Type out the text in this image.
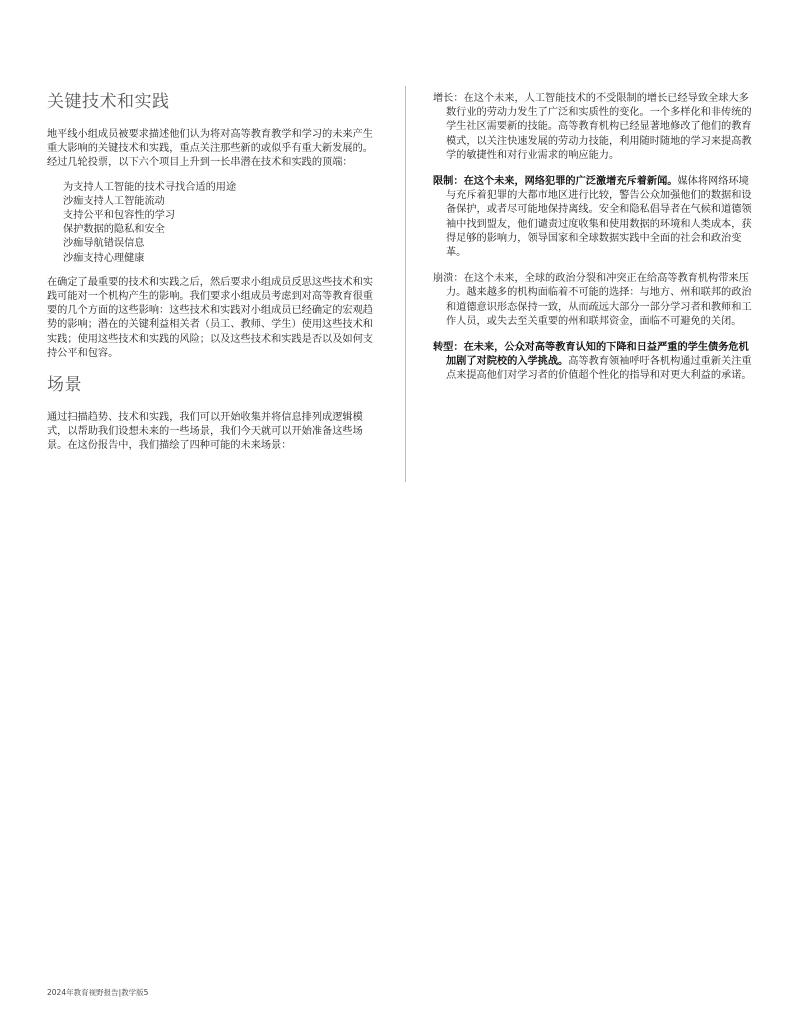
关键技术和实践

地平线小组成员被要求描述他们认为将对高等教育教学和学习的未来产生重大影响的关键技术和实践，重点关注那些新的或似乎有重大新发展的。经过几轮投票，以下六个项目上升到一长串潜在技术和实践的顶端：

为支持人工智能的技术寻找合适的用途
沙痂支持人工智能流动
支持公平和包容性的学习
保护数据的隐私和安全
沙痂导航错误信息
沙痂支持心理健康

在确定了最重要的技术和实践之后，然后要求小组成员反思这些技术和实践可能对一个机构产生的影响。我们要求小组成员考虑到对高等教育很重要的几个方面的这些影响：这些技术和实践对小组成员已经确定的宏观趋势的影响；潜在的关键利益相关者（员工、教师、学生）使用这些技术和实践；使用这些技术和实践的风险；以及这些技术和实践是否以及如何支持公平和包容。

场景

通过扫描趋势、技术和实践，我们可以开始收集并将信息排列成逻辑模式，以帮助我们设想未来的一些场景，我们今天就可以开始准备这些场景。在这份报告中，我们描绘了四种可能的未来场景：

增长：在这个未来，人工智能技术的不受限制的增长已经导致全球大多数行业的劳动力发生了广泛和实质性的变化。一个多样化和非传统的学生社区需要新的技能。高等教育机构已经显著地修改了他们的教育模式，以关注快速发展的劳动力技能，利用随时随地的学习来提高教学的敏捷性和对行业需求的响应能力。

限制：在这个未来，网络犯罪的广泛激增充斥着新闻。媒体将网络环境与充斥着犯罪的大都市地区进行比较，警告公众加强他们的数据和设备保护，或者尽可能地保持离线。安全和隐私倡导者在气候和道德领袖中找到盟友，他们谴责过度收集和使用数据的环境和人类成本，获得足够的影响力，领导国家和全球数据实践中全面的社会和政治变革。

崩溃：在这个未来，全球的政治分裂和冲突正在给高等教育机构带来压力。越来越多的机构面临着不可能的选择：与地方、州和联邦的政治和道德意识形态保持一致，从而疏远大部分一部分学习者和教师和工作人员，或失去至关重要的州和联邦资金，面临不可避免的关闭。

转型：在未来，公众对高等教育认知的下降和日益严重的学生债务危机加剧了对院校的入学挑战。高等教育领袖呼吁各机构通过重新关注重点来提高他们对学习者的价值超个性化的指导和对更大利益的承诺。

2024年教育视野报告|教学版5
